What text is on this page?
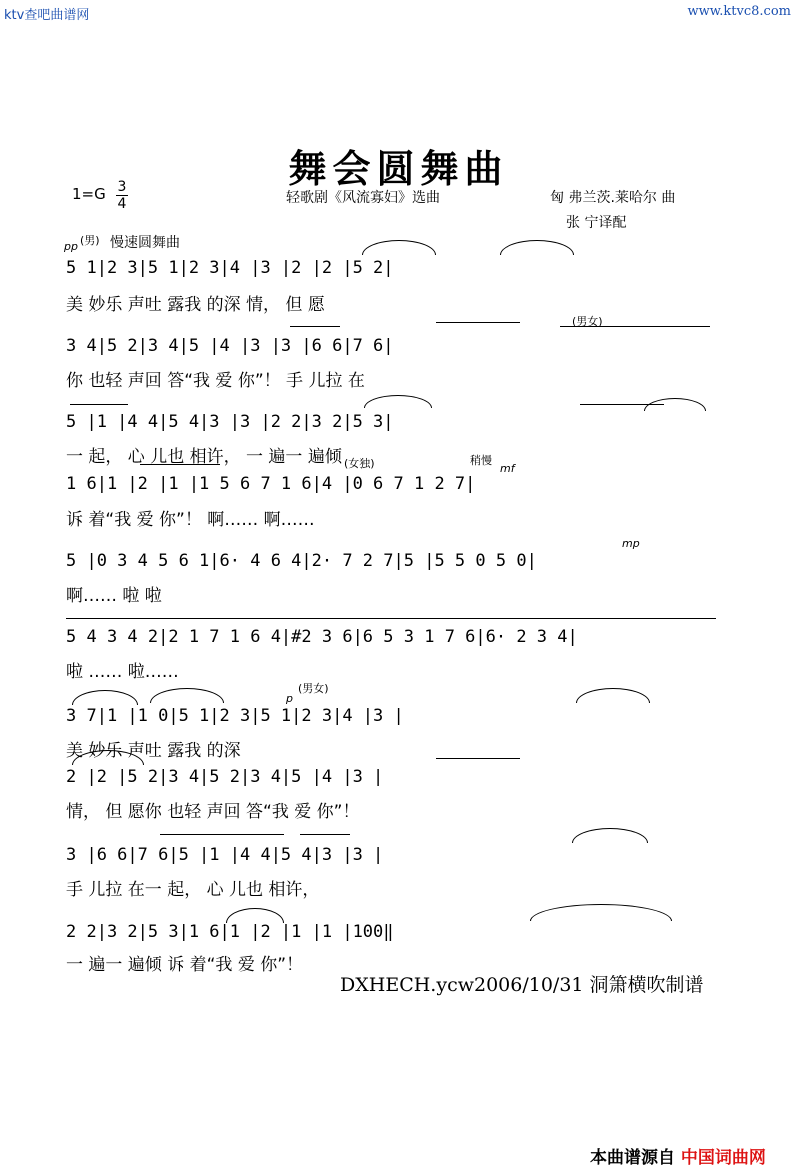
ktv查吧曲谱网	www.ktvc8.com
舞会圆舞曲
1=G 3
4	轻歌剧《风流寡妇》选曲	匈 弗兰茨.莱哈尔 曲
张 宁译配
pp (男) 慢速圆舞曲
(男女)
(女独)	稍慢
mf
mp
p
(男女)
5 1|2 3|5 1|2 3|4 |3 |2 |2 |5 2|
美 妙乐 声吐 露我 的深 情， 但 愿
3 4|5 2|3 4|5 |4 |3 |3 |6 6|7 6|
你 也轻 声回 答“我 爱 你”！ 手 儿拉 在
5 |1 |4 4|5 4|3 |3 |2 2|3 2|5 3|
一 起， 心 儿也 相许， 一 遍一 遍倾
1 6|1 |2 |1 |1 5 6 7 1 6|4 |0 6 7 1 2 7|
诉 着“我 爱 你”！ 啊…… 啊……
5 |0 3 4 5 6 1|6· 4 6 4|2· 7 2 7|5 |5 5 0 5 0|
啊…… 啦 啦
5 4 3 4 2|2 1 7 1 6 4|#2 3 6|6 5 3 1 7 6|6· 2 3 4|
啦 …… 啦……
3 7|1 |1 0|5 1|2 3|5 1|2 3|4 |3 |
美 妙乐 声吐 露我 的深
2 |2 |5 2|3 4|5 2|3 4|5 |4 |3 |
情， 但 愿你 也轻 声回 答“我 爱 你”！
3 |6 6|7 6|5 |1 |4 4|5 4|3 |3 |
手 儿拉 在一 起， 心 儿也 相许，
2 2|3 2|5 3|1 6|1 |2 |1 |1 |100‖
一 遍一 遍倾 诉 着“我 爱 你”！
DXHECH.ycw2006/10/31 洞箫横吹制谱
本曲谱源自 中国词曲网
